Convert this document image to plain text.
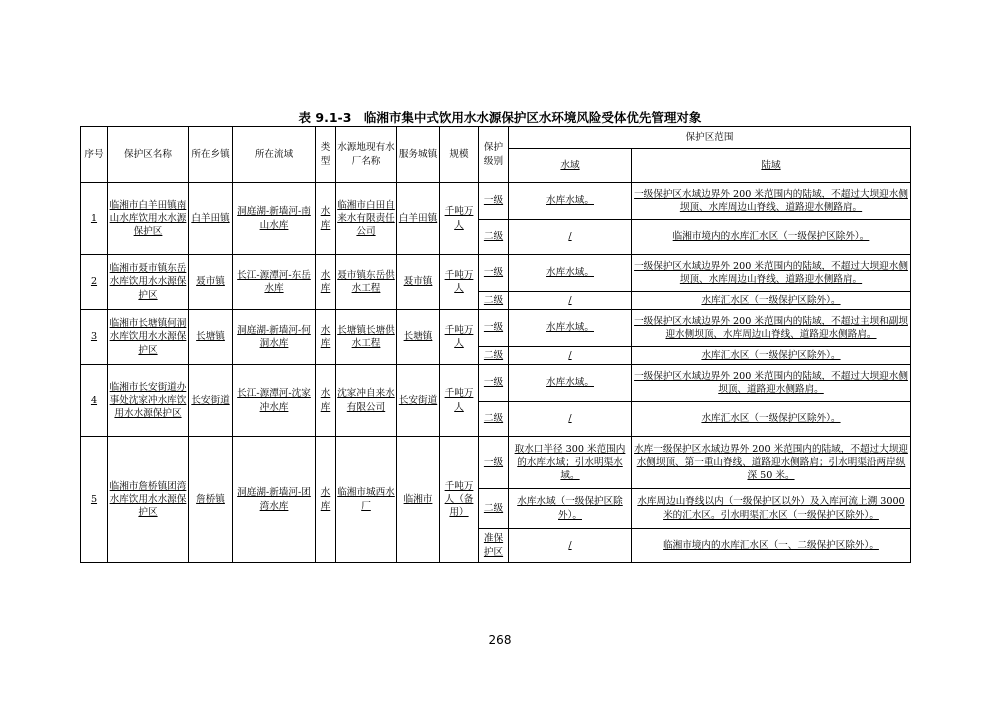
表 9.1-3　临湘市集中式饮用水水源保护区水环境风险受体优先管理对象
序号	保护区名称	所在乡镇	所在流域	类型	水源地现有水厂名称	服务城镇	规模	保护级别	保护区范围	
									水域	陆域
1	临湘市白羊田镇南山水库饮用水水源保护区	白羊田镇	洞庭湖-新墙河-南山水库	水库	临湘市白田自来水有限责任公司	白羊田镇	千吨万人	一级	水库水域。	一级保护区水域边界外 200 米范围内的陆域，不超过大坝迎水侧坝顶、水库周边山脊线、道路迎水侧路肩。
								二级	/	临湘市境内的水库汇水区（一级保护区除外）。
2	临湘市聂市镇东岳水库饮用水水源保护区	聂市镇	长江-源潭河-东岳水库	水库	聂市镇东岳供水工程	聂市镇	千吨万人	一级	水库水域。	一级保护区水域边界外 200 米范围内的陆域，不超过大坝迎水侧坝顶、水库周边山脊线、道路迎水侧路肩。
								二级	/	水库汇水区（一级保护区除外）。
3	临湘市长塘镇何洞水库饮用水水源保护区	长塘镇	洞庭湖-新墙河-何洞水库	水库	长塘镇长塘供水工程	长塘镇	千吨万人	一级	水库水域。	一级保护区水域边界外 200 米范围内的陆域，不超过主坝和副坝迎水侧坝顶、水库周边山脊线、道路迎水侧路肩。
								二级	/	水库汇水区（一级保护区除外）。
4	临湘市长安街道办事处沈家冲水库饮用水水源保护区	长安街道	长江-源潭河-沈家冲水库	水库	沈家冲自来水有限公司	长安街道	千吨万人	一级	水库水域。	一级保护区水域边界外 200 米范围内的陆域，不超过大坝迎水侧坝顶、道路迎水侧路肩。
								二级	/	水库汇水区（一级保护区除外）。
5	临湘市詹桥镇团湾水库饮用水水源保护区	詹桥镇	洞庭湖-新墙河-团湾水库	水库	临湘市城西水厂	临湘市	千吨万人（备用）	一级	取水口半径 300 米范围内的水库水域；引水明渠水域。	水库一级保护区水域边界外 200 米范围内的陆域，不超过大坝迎水侧坝顶、第一重山脊线、道路迎水侧路肩；引水明渠沿两岸纵深 50 米。
								二级	水库水域（一级保护区除外）。	水库周边山脊线以内（一级保护区以外）及入库河流上溯 3000 米的汇水区。引水明渠汇水区（一级保护区除外）。
								准保护区	/	临湘市境内的水库汇水区（一、二级保护区除外）。
268
